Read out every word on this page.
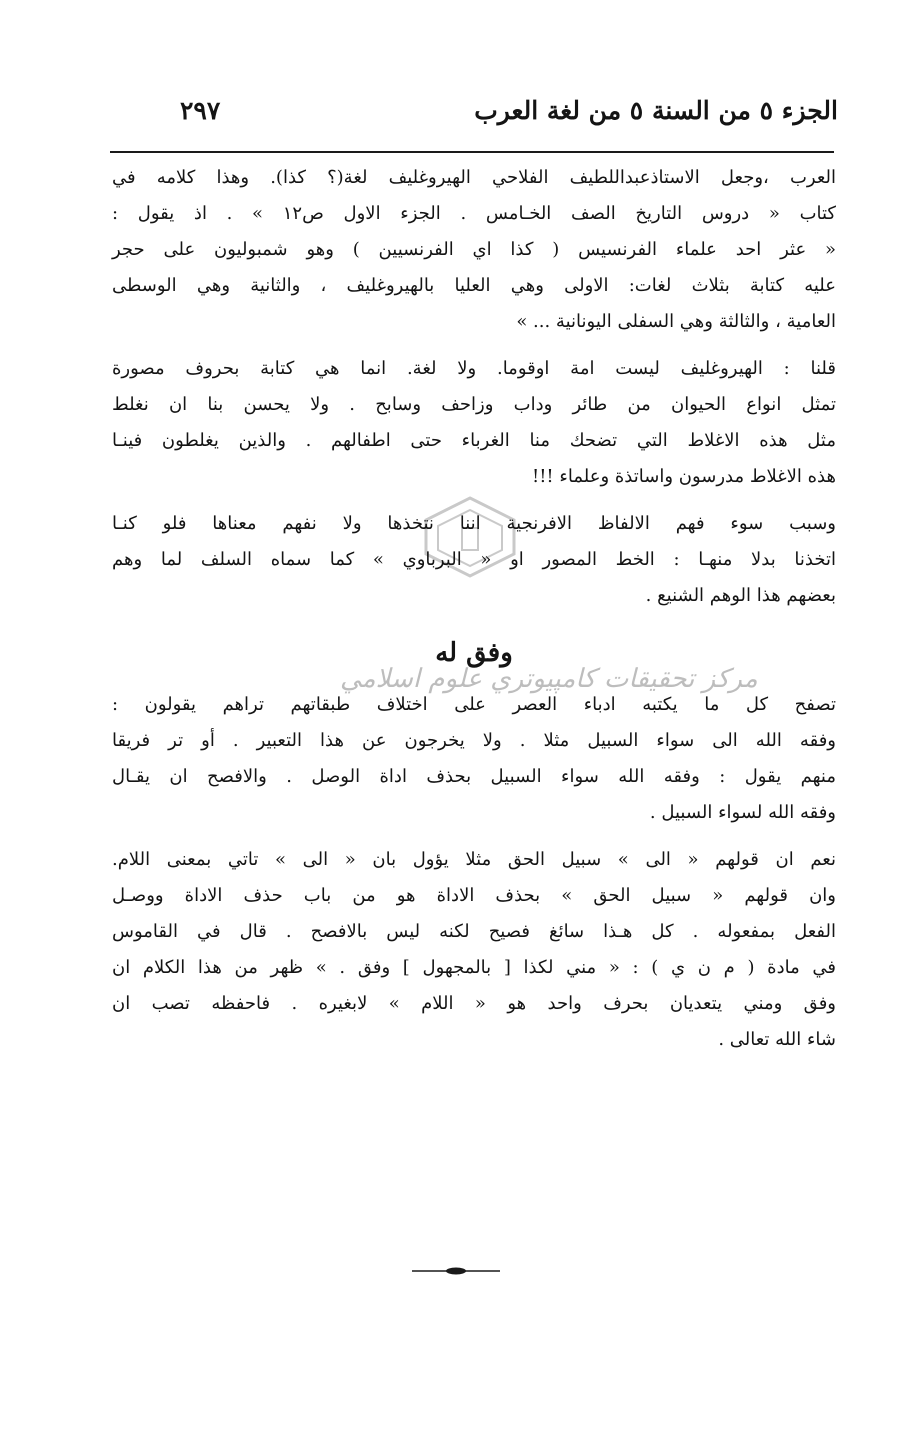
الجزء ٥ من السنة ٥ من لغة العرب
٢٩٧
مركز تحقيقات كامپيوتري علوم اسلامي
العرب ،وجعل الاستاذعبداللطيف الفلاحي الهيروغليف لغة(؟ كذا). وهذا كلامه في
كتاب « دروس التاريخ الصف الخـامس . الجزء الاول ص١٢ » . اذ يقول :
« عثر احد علماء الفرنسيس ( كذا اي الفرنسيين ) وهو شمبوليون على حجر
عليه كتابة بثلاث لغات: الاولى وهي العليا بالهيروغليف ، والثانية وهي الوسطى
العامية ، والثالثة وهي السفلى اليونانية ... »
قلنا : الهيروغليف ليست امة اوقوما. ولا لغة. انما هي كتابة بحروف مصورة
تمثل انواع الحيوان من طائر وداب وزاحف وسابح . ولا يحسن بنا ان نغلط
مثل هذه الاغلاط التي تضحك منا الغرباء حتى اطفالهم . والذين يغلطون فينـا
هذه الاغلاط مدرسون واساتذة وعلماء !!!
وسبب سوء فهم الالفاظ الافرنجية اننا نتخذها ولا نفهم معناها فلو كنـا
اتخذنا بدلا منهـا : الخط المصور او « البرباوي » كما سماه السلف لما وهم
بعضهم هذا الوهم الشنيع .
وفق له
تصفح كل ما يكتبه ادباء العصر على اختلاف طبقاتهم تراهم يقولون :
وفقه الله الى سواء السبيل مثلا . ولا يخرجون عن هذا التعبير . أو تر فريقا
منهم يقول : وفقه الله سواء السبيل بحذف اداة الوصل . والافصح ان يقـال
وفقه الله لسواء السبيل .
نعم ان قولهم « الى » سبيل الحق مثلا يؤول بان « الى » تاتي بمعنى اللام.
وان قولهم « سبيل الحق » بحذف الاداة هو من باب حذف الاداة ووصـل
الفعل بمفعوله . كل هـذا سائغ فصيح لكنه ليس بالافصح . قال في القاموس
في مادة ( م ن ي ) : « مني لكذا [ بالمجهول ] وفق . » ظهر من هذا الكلام ان
وفق ومني يتعديان بحرف واحد هو « اللام » لابغيره . فاحفظه تصب ان
شاء الله تعالى .
